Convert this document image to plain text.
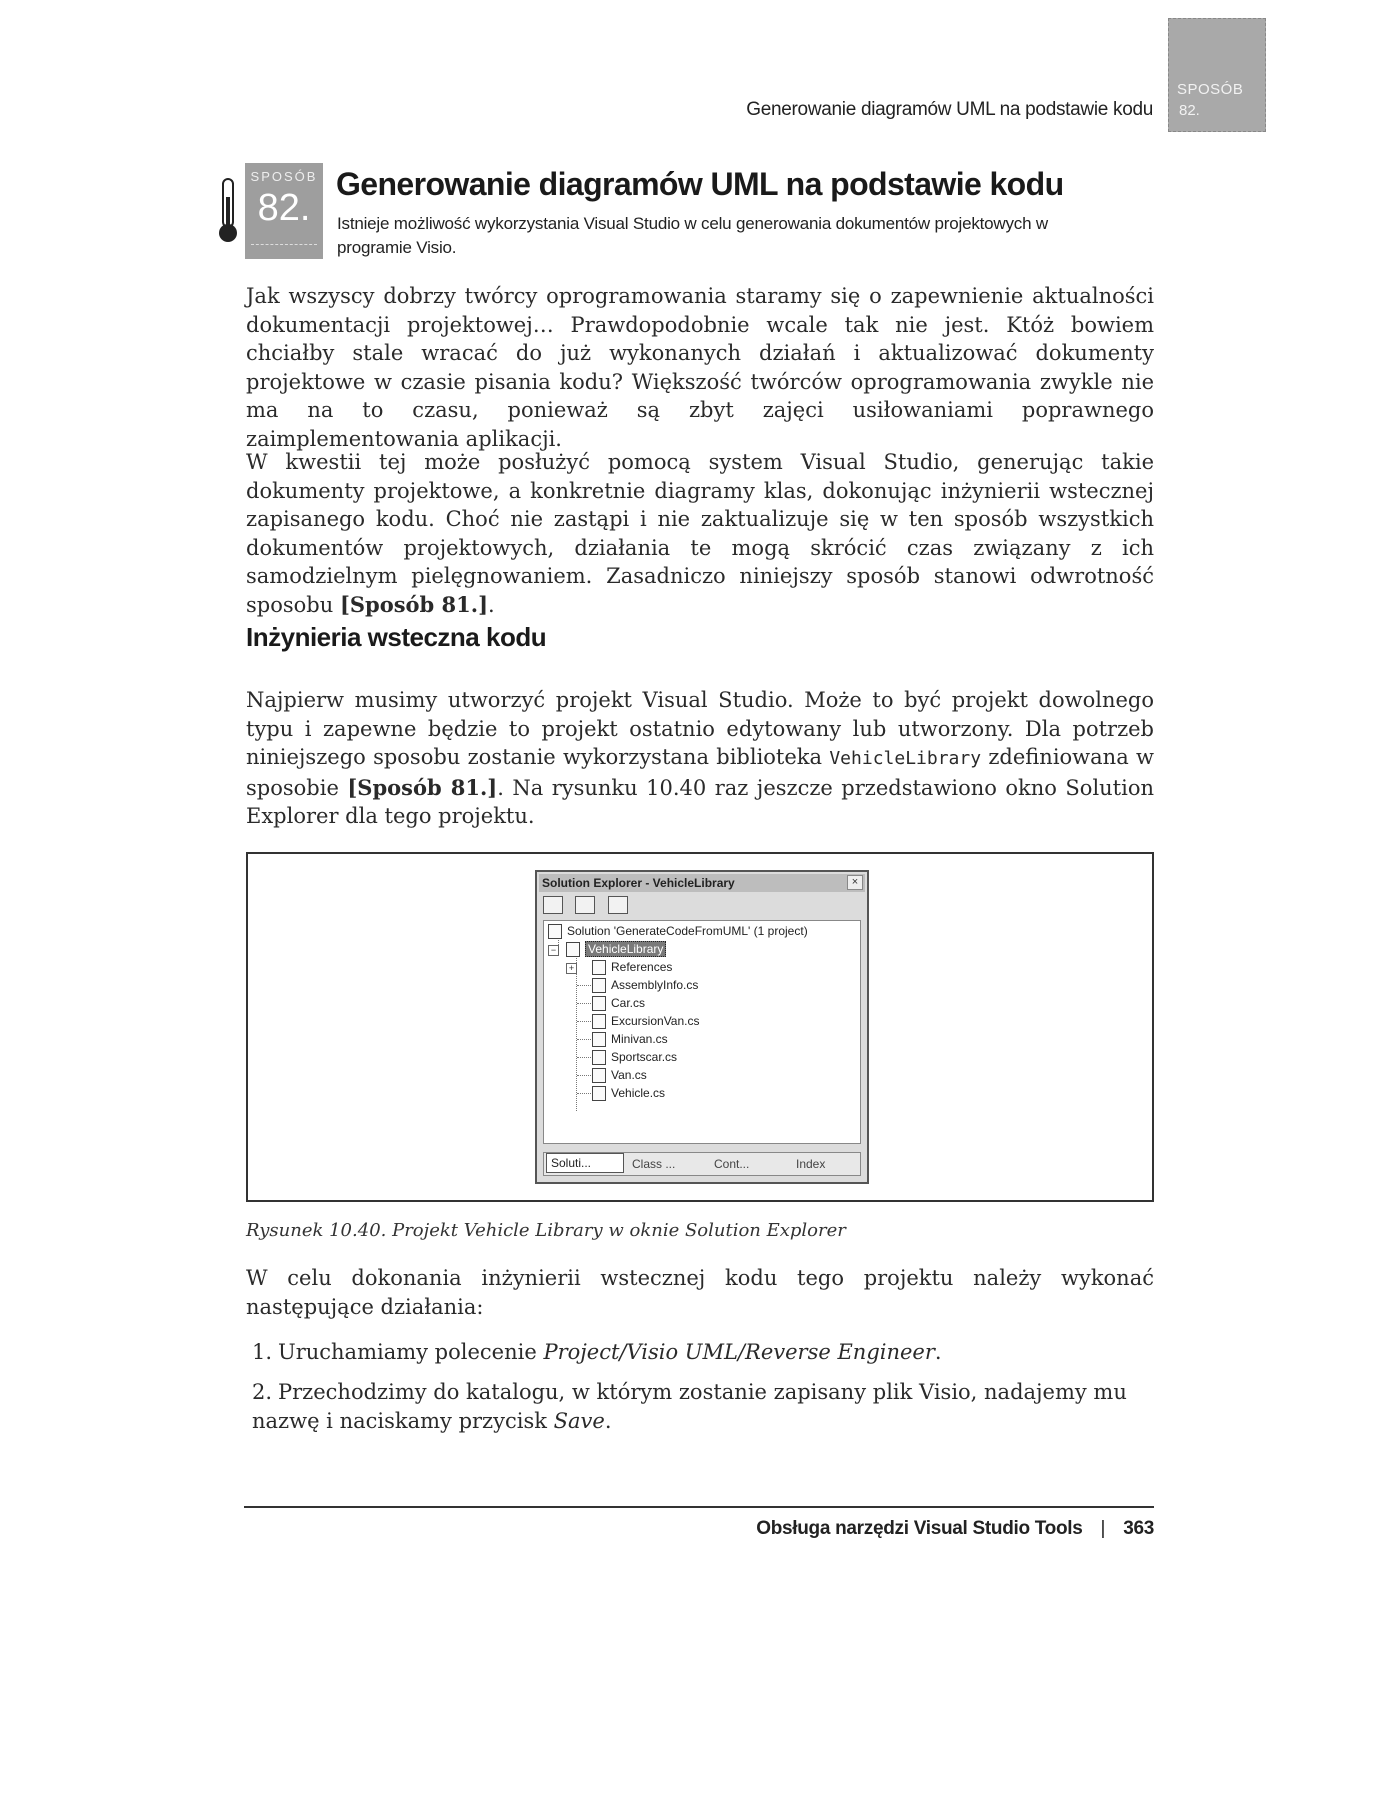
Generowanie diagramów UML na podstawie kodu
SPOSÓB
82.
SPOSÓB
82.
Generowanie diagramów UML na podstawie kodu
Istnieje możliwość wykorzystania Visual Studio w celu generowania dokumentów projektowych w programie Visio.
Jak wszyscy dobrzy twórcy oprogramowania staramy się o zapewnienie aktualności dokumentacji projektowej… Prawdopodobnie wcale tak nie jest. Któż bowiem chciałby stale wracać do już wykonanych działań i aktualizować dokumenty projektowe w czasie pisania kodu? Większość twórców oprogramowania zwykle nie ma na to czasu, ponieważ są zbyt zajęci usiłowaniami poprawnego zaimplementowania aplikacji.
W kwestii tej może posłużyć pomocą system Visual Studio, generując takie dokumenty projektowe, a konkretnie diagramy klas, dokonując inżynierii wstecznej zapisanego kodu. Choć nie zastąpi i nie zaktualizuje się w ten sposób wszystkich dokumentów projektowych, działania te mogą skrócić czas związany z ich samodzielnym pielęgnowaniem. Zasadniczo niniejszy sposób stanowi odwrotność sposobu [Sposób 81.].
Inżynieria wsteczna kodu
Najpierw musimy utworzyć projekt Visual Studio. Może to być projekt dowolnego typu i zapewne będzie to projekt ostatnio edytowany lub utworzony. Dla potrzeb niniejszego sposobu zostanie wykorzystana biblioteka VehicleLibrary zdefiniowana w sposobie [Sposób 81.]. Na rysunku 10.40 raz jeszcze przedstawiono okno Solution Explorer dla tego projektu.
Solution Explorer - VehicleLibrary	×

Solution 'GenerateCodeFromUML' (1 project)
−	VehicleLibrary
+	References
AssemblyInfo.cs
Car.cs
ExcursionVan.cs
Minivan.cs
Sportscar.cs
Van.cs
Vehicle.cs
Soluti...	Class ...	Cont...	Index
Rysunek 10.40. Projekt Vehicle Library w oknie Solution Explorer
W celu dokonania inżynierii wstecznej kodu tego projektu należy wykonać następujące działania:
1. Uruchamiamy polecenie Project/Visio UML/Reverse Engineer.
2. Przechodzimy do katalogu, w którym zostanie zapisany plik Visio, nadajemy mu nazwę i naciskamy przycisk Save.
Obsługa narzędzi Visual Studio Tools | 363
